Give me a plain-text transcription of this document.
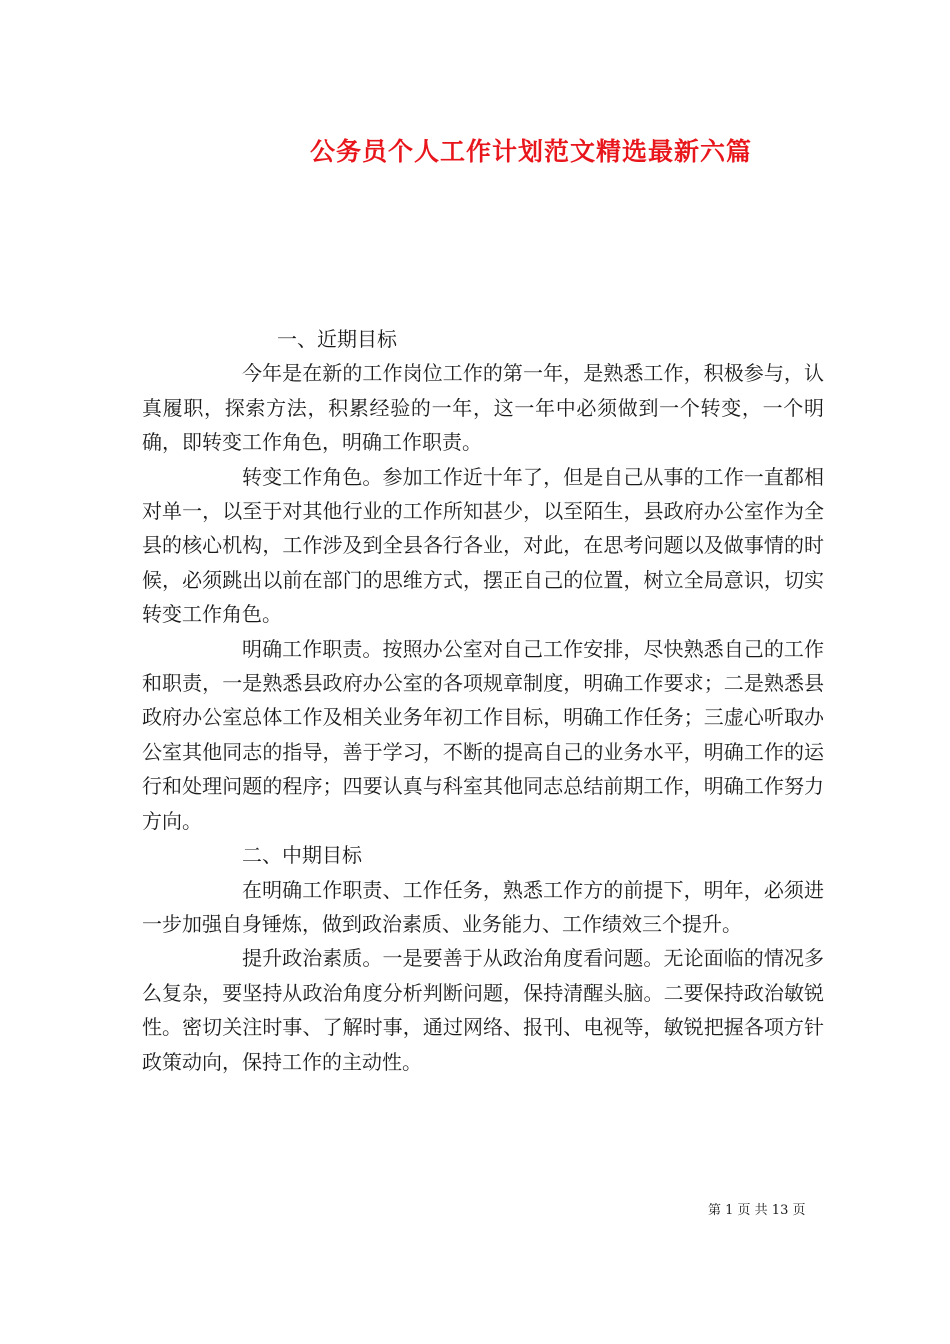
公务员个人工作计划范文精选最新六篇

一、近期目标

今年是在新的工作岗位工作的第一年，是熟悉工作，积极参与，认真履职，探索方法，积累经验的一年，这一年中必须做到一个转变，一个明确，即转变工作角色，明确工作职责。

转变工作角色。参加工作近十年了，但是自己从事的工作一直都相对单一，以至于对其他行业的工作所知甚少，以至陌生，县政府办公室作为全县的核心机构，工作涉及到全县各行各业，对此，在思考问题以及做事情的时候，必须跳出以前在部门的思维方式，摆正自己的位置，树立全局意识，切实转变工作角色。

明确工作职责。按照办公室对自己工作安排，尽快熟悉自己的工作和职责，一是熟悉县政府办公室的各项规章制度，明确工作要求；二是熟悉县政府办公室总体工作及相关业务年初工作目标，明确工作任务；三虚心听取办公室其他同志的指导，善于学习，不断的提高自己的业务水平，明确工作的运行和处理问题的程序；四要认真与科室其他同志总结前期工作，明确工作努力方向。

二、中期目标

在明确工作职责、工作任务，熟悉工作方的前提下，明年，必须进一步加强自身锤炼，做到政治素质、业务能力、工作绩效三个提升。

提升政治素质。一是要善于从政治角度看问题。无论面临的情况多么复杂，要坚持从政治角度分析判断问题，保持清醒头脑。二要保持政治敏锐性。密切关注时事、了解时事，通过网络、报刊、电视等，敏锐把握各项方针政策动向，保持工作的主动性。

第 1 页 共 13 页
